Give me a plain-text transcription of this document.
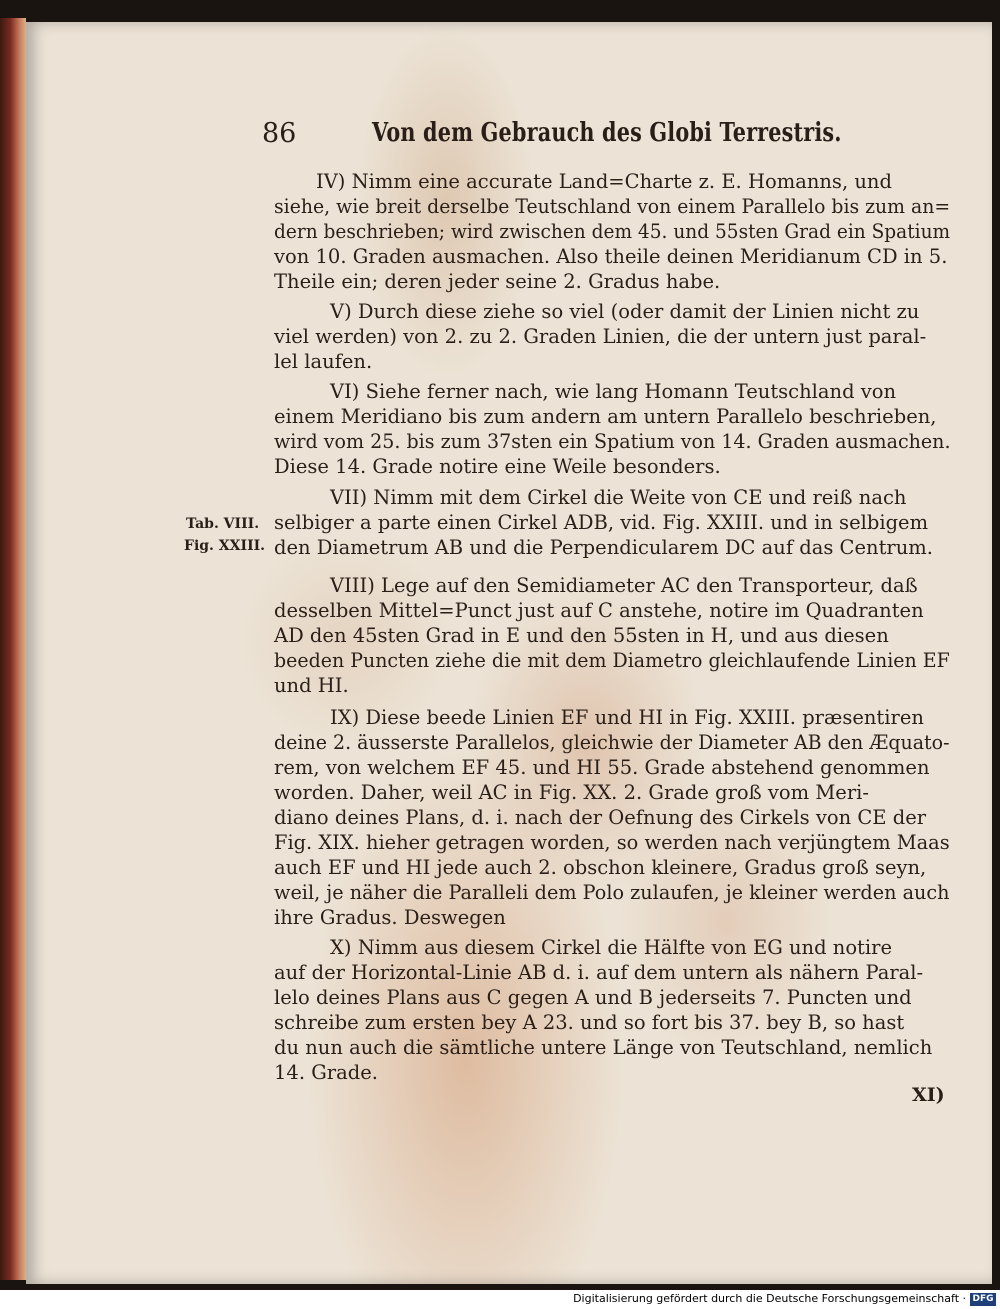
86	Von dem Gebrauch des Globi Terrestris.
IV) Nimm eine accurate Land=Charte z. E. Homanns, und
siehe, wie breit derselbe Teutschland von einem Parallelo bis zum an=
dern beschrieben; wird zwischen dem 45. und 55sten Grad ein Spatium
von 10. Graden ausmachen. Also theile deinen Meridianum CD in 5.
Theile ein; deren jeder seine 2. Gradus habe.
V) Durch diese ziehe so viel (oder damit der Linien nicht zu
viel werden) von 2. zu 2. Graden Linien, die der untern just paral-
lel laufen.
VI) Siehe ferner nach, wie lang Homann Teutschland von
einem Meridiano bis zum andern am untern Parallelo beschrieben,
wird vom 25. bis zum 37sten ein Spatium von 14. Graden ausmachen.
Diese 14. Grade notire eine Weile besonders.
VII) Nimm mit dem Cirkel die Weite von CE und reiß nach
selbiger a parte einen Cirkel ADB, vid. Fig. XXIII. und in selbigem
den Diametrum AB und die Perpendicularem DC auf das Centrum.
Tab. VIII.
Fig. XXIII.
VIII) Lege auf den Semidiameter AC den Transporteur, daß
desselben Mittel=Punct just auf C anstehe, notire im Quadranten
AD den 45sten Grad in E und den 55sten in H, und aus diesen
beeden Puncten ziehe die mit dem Diametro gleichlaufende Linien EF
und HI.
IX) Diese beede Linien EF und HI in Fig. XXIII. præsentiren
deine 2. äusserste Parallelos, gleichwie der Diameter AB den Æquato-
rem, von welchem EF 45. und HI 55. Grade abstehend genommen
worden. Daher, weil AC in Fig. XX. 2. Grade groß vom Meri-
diano deines Plans, d. i. nach der Oefnung des Cirkels von CE der
Fig. XIX. hieher getragen worden, so werden nach verjüngtem Maas
auch EF und HI jede auch 2. obschon kleinere, Gradus groß seyn,
weil, je näher die Paralleli dem Polo zulaufen, je kleiner werden auch
ihre Gradus. Deswegen
X) Nimm aus diesem Cirkel die Hälfte von EG und notire
auf der Horizontal-Linie AB d. i. auf dem untern als nähern Paral-
lelo deines Plans aus C gegen A und B jederseits 7. Puncten und
schreibe zum ersten bey A 23. und so fort bis 37. bey B, so hast
du nun auch die sämtliche untere Länge von Teutschland, nemlich
14. Grade.
XI)
Digitalisierung gefördert durch die Deutsche Forschungsgemeinschaft · DFG
